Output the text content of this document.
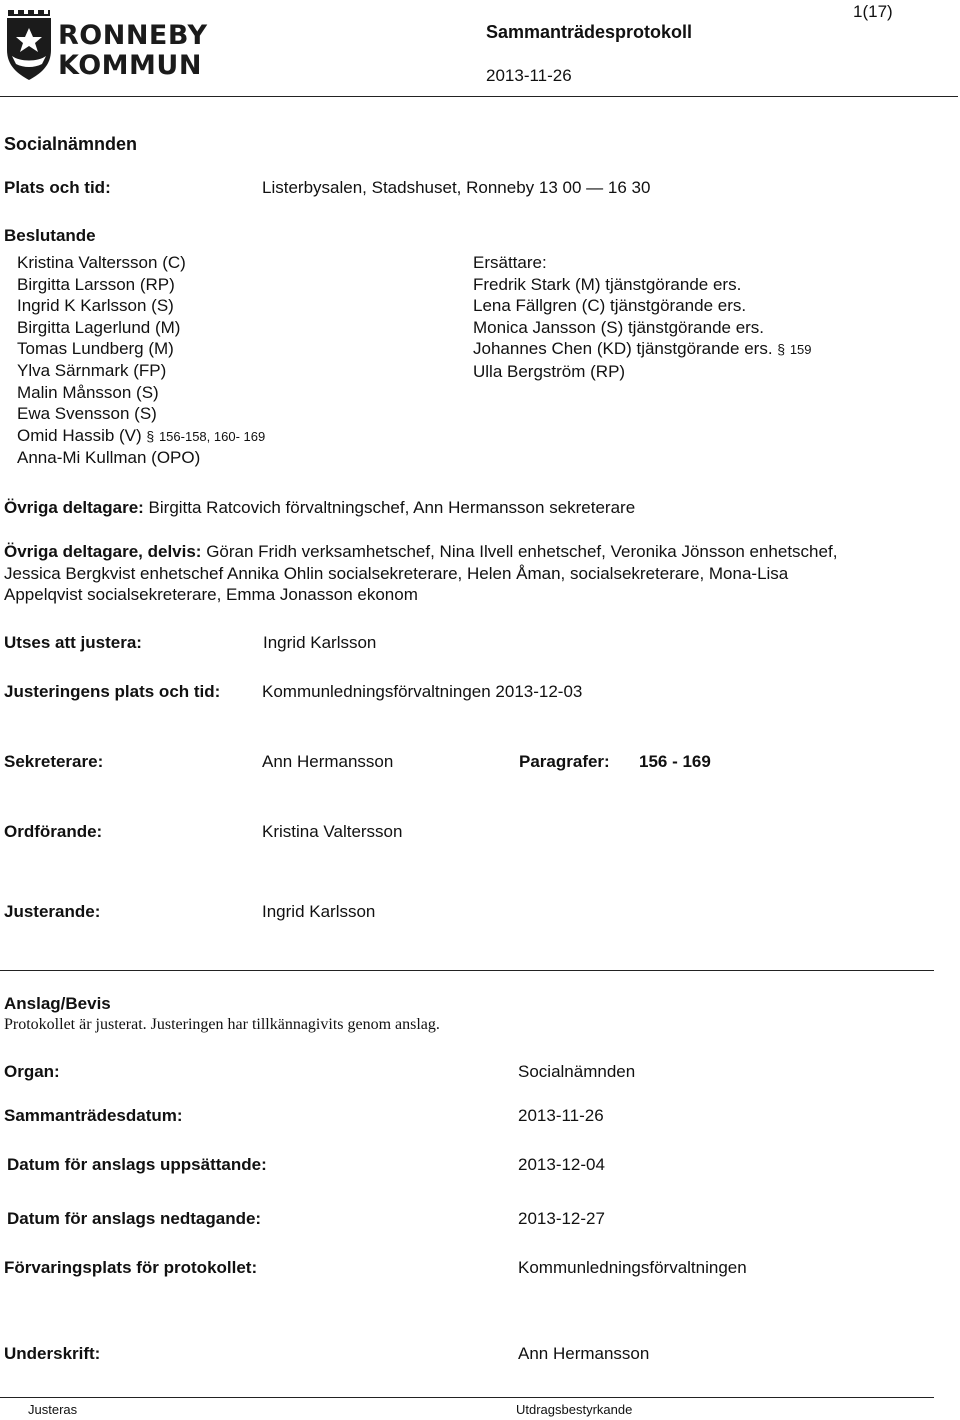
RONNEBY
KOMMUN
Sammanträdesprotokoll
2013-11-26
1(17)
Socialnämnden
Plats och tid:	Listerbysalen, Stadshuset, Ronneby 13 00 — 16 30
Beslutande
Kristina Valtersson (C)
Birgitta Larsson (RP)
Ingrid K Karlsson (S)
Birgitta Lagerlund (M)
Tomas Lundberg (M)
Ylva Särnmark (FP)
Malin Månsson (S)
Ewa Svensson (S)
Omid Hassib (V) § 156-158, 160- 169
Anna-Mi Kullman (OPO)
Ersättare:
Fredrik Stark (M) tjänstgörande ers.
Lena Fällgren (C) tjänstgörande ers.
Monica Jansson (S) tjänstgörande ers.
Johannes Chen (KD) tjänstgörande ers. § 159
Ulla Bergström (RP)
Övriga deltagare: Birgitta Ratcovich förvaltningschef, Ann Hermansson sekreterare
Övriga deltagare, delvis: Göran Fridh verksamhetschef, Nina Ilvell enhetschef, Veronika Jönsson enhetschef,
Jessica Bergkvist enhetschef Annika Ohlin socialsekreterare, Helen Åman, socialsekreterare, Mona-Lisa
Appelqvist socialsekreterare, Emma Jonasson ekonom
Utses att justera:	Ingrid Karlsson
Justeringens plats och tid: Kommunledningsförvaltningen 2013-12-03
Sekreterare:	Ann Hermansson	Paragrafer: 156 - 169
Ordförande:	Kristina Valtersson
Justerande:	Ingrid Karlsson
Anslag/Bevis
Protokollet är justerat. Justeringen har tillkännagivits genom anslag.
Organ:	Socialnämnden
Sammanträdesdatum:	2013-11-26
Datum för anslags uppsättande:	2013-12-04
Datum för anslags nedtagande:	2013-12-27
Förvaringsplats för protokollet:	Kommunledningsförvaltningen
Underskrift:	Ann Hermansson
Justeras	Utdragsbestyrkande
